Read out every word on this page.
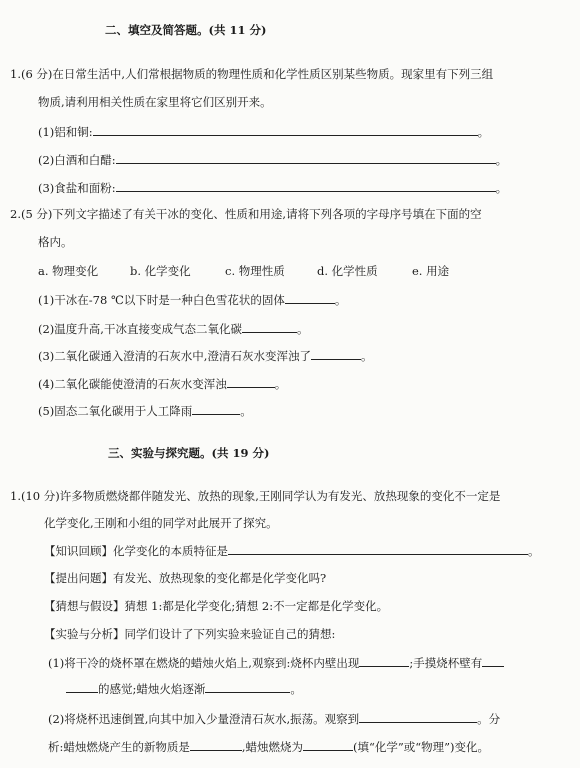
二、填空及简答题。(共 11 分)
1.(6 分)在日常生活中,人们常根据物质的物理性质和化学性质区别某些物质。现家里有下列三组
物质,请利用相关性质在家里将它们区别开来。
(1)铝和铜:	。
(2)白酒和白醋:	。
(3)食盐和面粉:	。
2.(5 分)下列文字描述了有关干冰的变化、性质和用途,请将下列各项的字母序号填在下面的空
格内。
a. 物理变化	b. 化学变化	c. 物理性质	d. 化学性质	e. 用途
(1)干冰在-78 ℃以下时是一种白色雪花状的固体	。
(2)温度升高,干冰直接变成气态二氧化碳	。
(3)二氧化碳通入澄清的石灰水中,澄清石灰水变浑浊了	。
(4)二氧化碳能使澄清的石灰水变浑浊	。
(5)固态二氧化碳用于人工降雨	。
三、实验与探究题。(共 19 分)
1.(10 分)许多物质燃烧都伴随发光、放热的现象,王刚同学认为有发光、放热现象的变化不一定是
化学变化,王刚和小组的同学对此展开了探究。
【知识回顾】化学变化的本质特征是	。
【提出问题】有发光、放热现象的变化都是化学变化吗?
【猜想与假设】猜想 1:都是化学变化;猜想 2:不一定都是化学变化。
【实验与分析】同学们设计了下列实验来验证自己的猜想:
(1)将干冷的烧杯罩在燃烧的蜡烛火焰上,观察到:烧杯内壁出现	;手摸烧杯壁有
的感觉;蜡烛火焰逐渐	。
(2)将烧杯迅速倒置,向其中加入少量澄清石灰水,振荡。观察到	。分
析:蜡烛燃烧产生的新物质是	,蜡烛燃烧为	(填“化学”或“物理”)变化。
